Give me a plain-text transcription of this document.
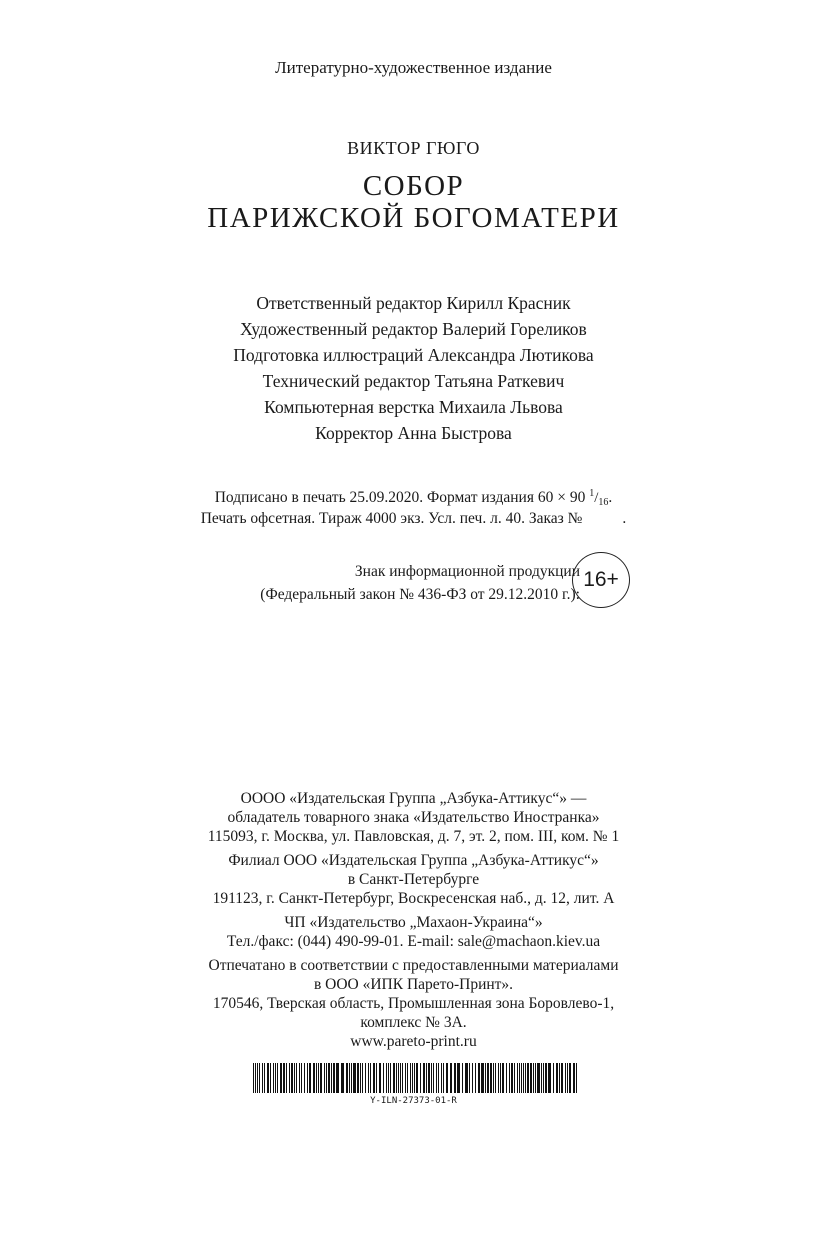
Литературно-художественное издание
ВИКТОР ГЮГО
СОБОР
ПАРИЖСКОЙ БОГОМАТЕРИ
Ответственный редактор Кирилл Красник
Художественный редактор Валерий Гореликов
Подготовка иллюстраций Александра Лютикова
Технический редактор Татьяна Раткевич
Компьютерная верстка Михаила Львова
Корректор Анна Быстрова
Подписано в печать 25.09.2020. Формат издания 60 × 90 $^1$/16.
Печать офсетная. Тираж 4000 экз. Усл. печ. л. 40. Заказ №	.
Знак информационной продукции
(Федеральный закон № 436-ФЗ от 29.12.2010 г.):
16+
ОООО «Издательская Группа „Азбука-Аттикус“» —
обладатель товарного знака «Издательство Иностранка»
115093, г. Москва, ул. Павловская, д. 7, эт. 2, пом. III, ком. № 1
Филиал ООО «Издательская Группа „Азбука-Аттикус“»
в Санкт-Петербурге
191123, г. Санкт-Петербург, Воскресенская наб., д. 12, лит. А
ЧП «Издательство „Махаон-Украина“»
Тел./факс: (044) 490-99-01. E-mail: sale@machaon.kiev.ua
Отпечатано в соответствии с предоставленными материалами
в ООО «ИПК Парето-Принт».
170546, Тверская область, Промышленная зона Боровлево-1,
комплекс № 3А.
www.pareto-print.ru
Y-ILN-27373-01-R
